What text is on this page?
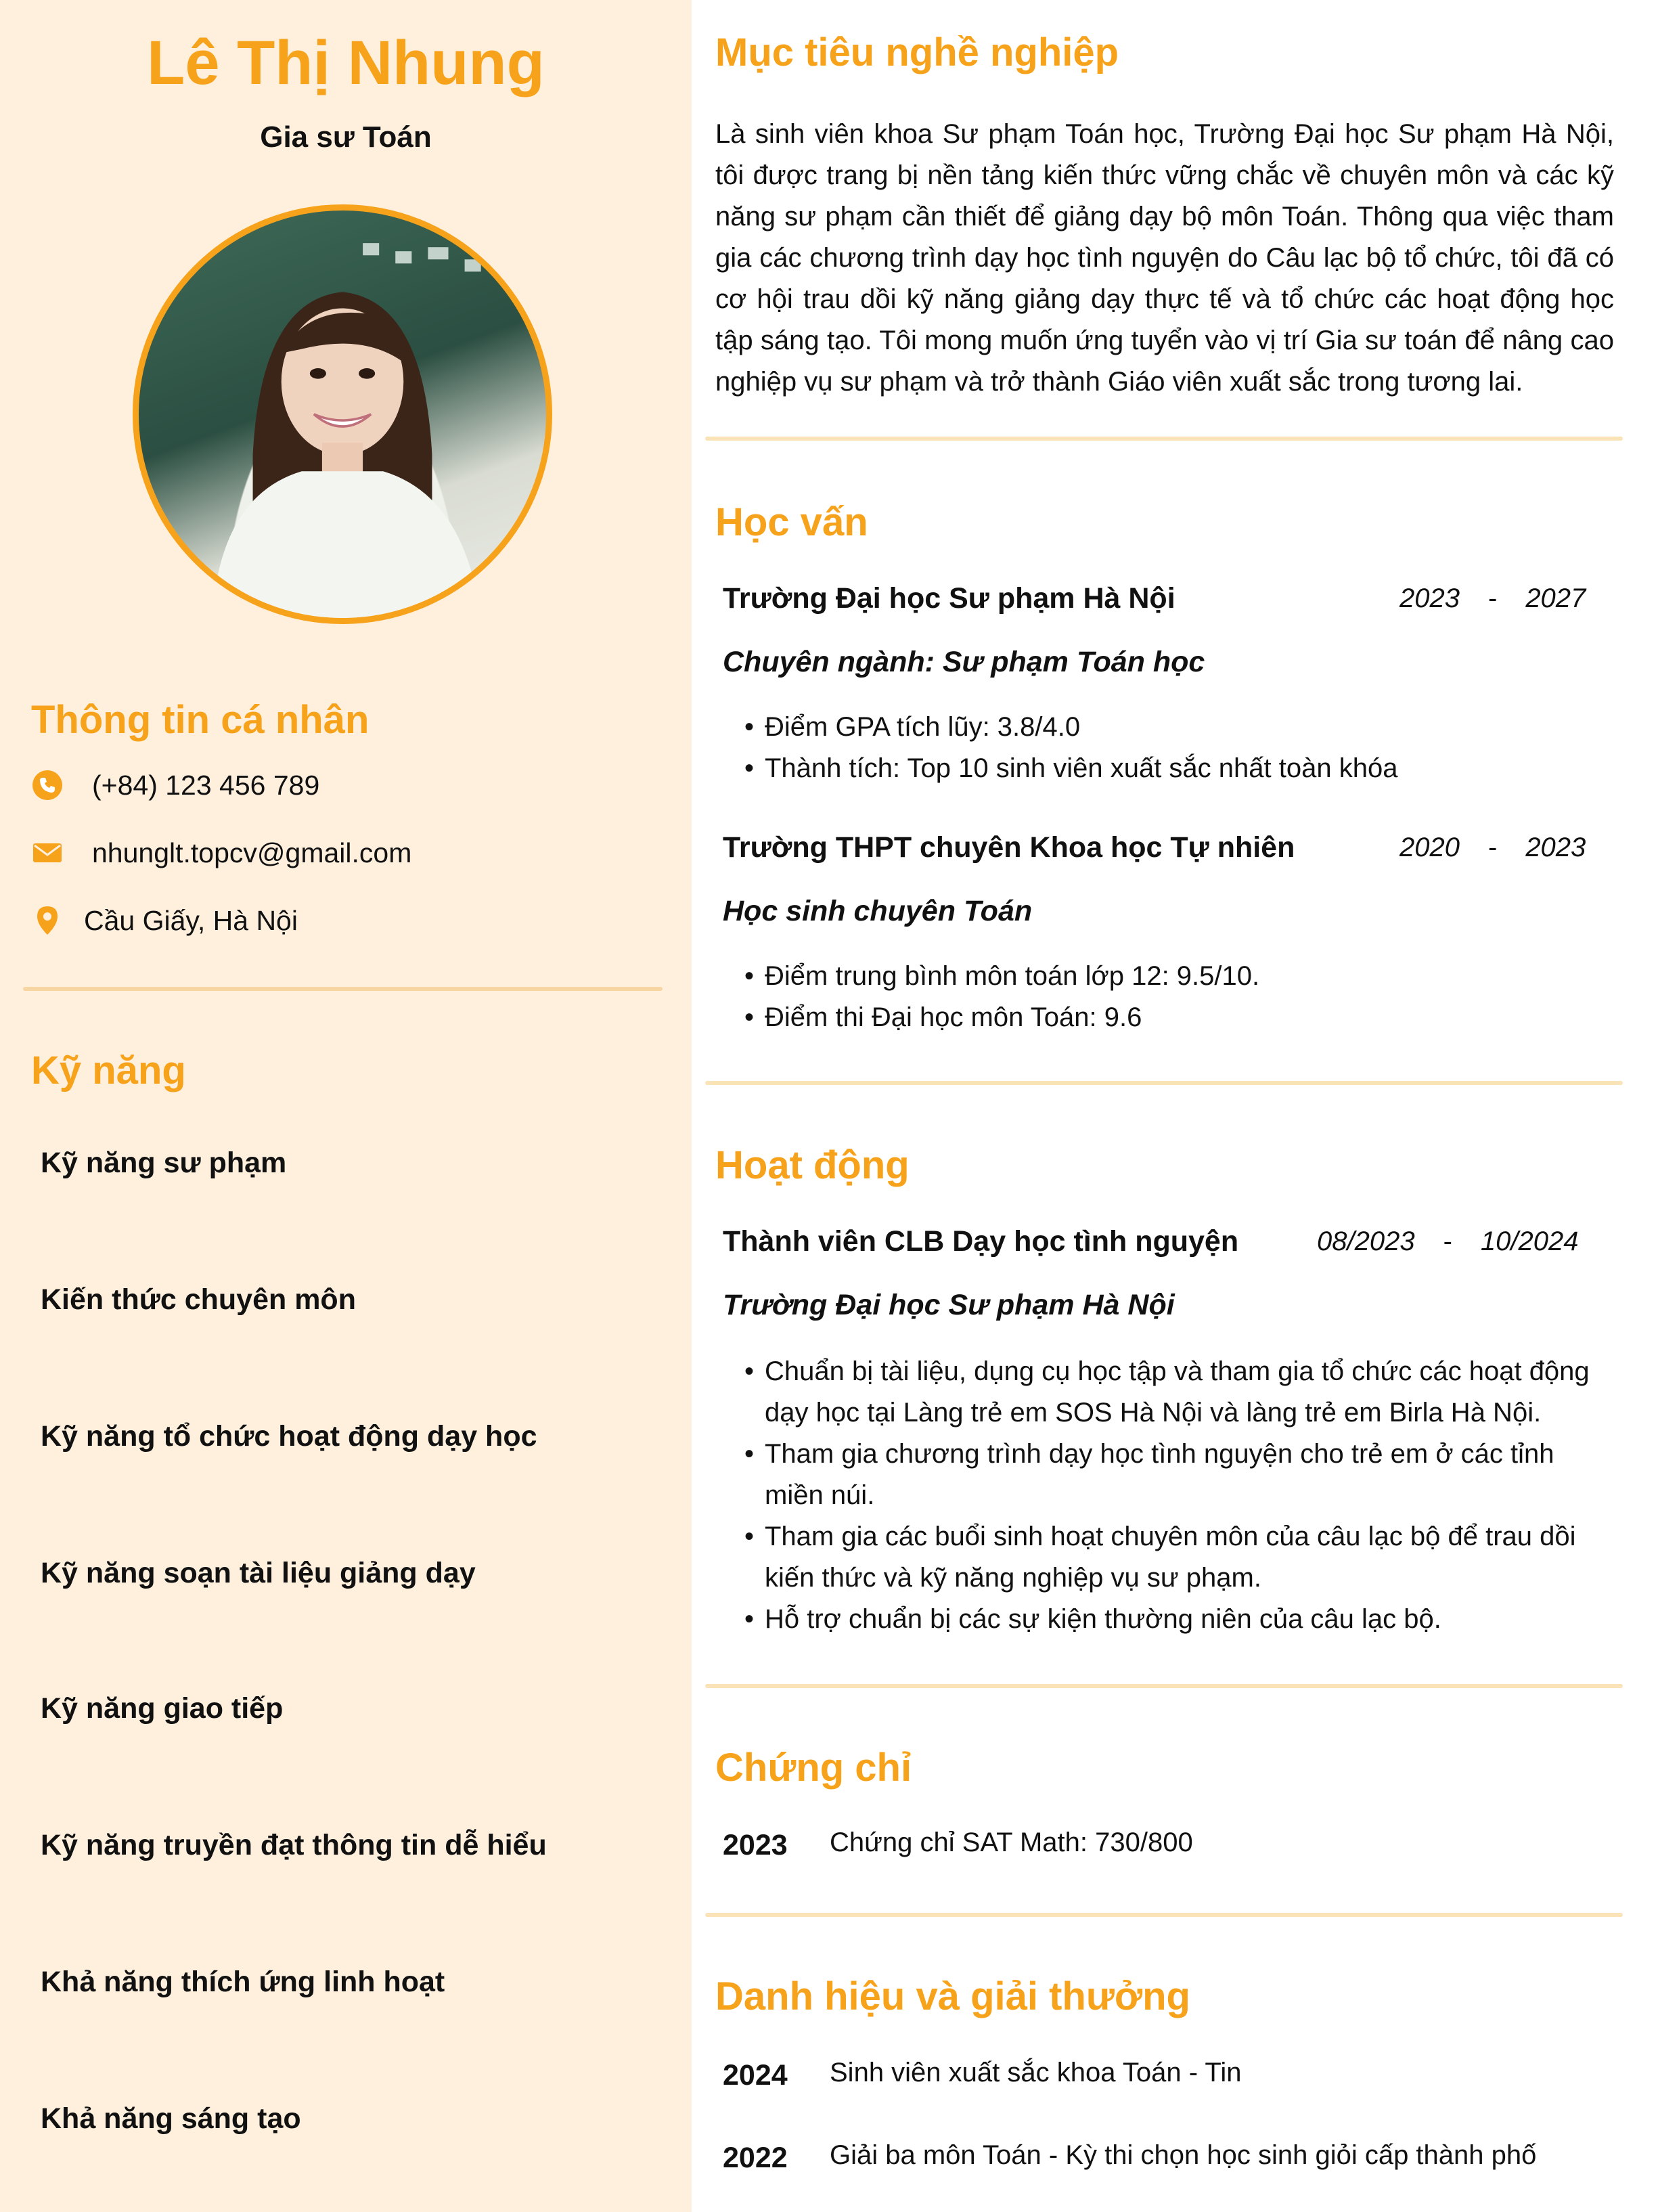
Lê Thị Nhung
Gia sư Toán
Thông tin cá nhân
(+84) 123 456 789
nhunglt.topcv@gmail.com
Cầu Giấy, Hà Nội
Kỹ năng
Kỹ năng sư phạm
Kiến thức chuyên môn
Kỹ năng tổ chức hoạt động dạy học
Kỹ năng soạn tài liệu giảng dạy
Kỹ năng giao tiếp
Kỹ năng truyền đạt thông tin dễ hiểu
Khả năng thích ứng linh hoạt
Khả năng sáng tạo
Mục tiêu nghề nghiệp
Là sinh viên khoa Sư phạm Toán học, Trường Đại học Sư phạm Hà Nội, tôi được trang bị nền tảng kiến thức vững chắc về chuyên môn và các kỹ năng sư phạm cần thiết để giảng dạy bộ môn Toán. Thông qua việc tham gia các chương trình dạy học tình nguyện do Câu lạc bộ tổ chức, tôi đã có cơ hội trau dồi kỹ năng giảng dạy thực tế và tổ chức các hoạt động học tập sáng tạo. Tôi mong muốn ứng tuyển vào vị trí Gia sư toán để nâng cao nghiệp vụ sư phạm và trở thành Giáo viên xuất sắc trong tương lai.
Học vấn
Trường Đại học Sư phạm Hà Nội	2023 - 2027
Chuyên ngành: Sư phạm Toán học
• Điểm GPA tích lũy: 3.8/4.0
• Thành tích: Top 10 sinh viên xuất sắc nhất toàn khóa
Trường THPT chuyên Khoa học Tự nhiên	2020 - 2023
Học sinh chuyên Toán
• Điểm trung bình môn toán lớp 12: 9.5/10.
• Điểm thi Đại học môn Toán: 9.6
Hoạt động
Thành viên CLB Dạy học tình nguyện	08/2023 - 10/2024
Trường Đại học Sư phạm Hà Nội
• Chuẩn bị tài liệu, dụng cụ học tập và tham gia tổ chức các hoạt động dạy học tại Làng trẻ em SOS Hà Nội và làng trẻ em Birla Hà Nội.
• Tham gia chương trình dạy học tình nguyện cho trẻ em ở các tỉnh miền núi.
• Tham gia các buổi sinh hoạt chuyên môn của câu lạc bộ để trau dồi kiến thức và kỹ năng nghiệp vụ sư phạm.
• Hỗ trợ chuẩn bị các sự kiện thường niên của câu lạc bộ.
Chứng chỉ
2023 Chứng chỉ SAT Math: 730/800
Danh hiệu và giải thưởng
2024 Sinh viên xuất sắc khoa Toán - Tin
2022 Giải ba môn Toán - Kỳ thi chọn học sinh giỏi cấp thành phố
